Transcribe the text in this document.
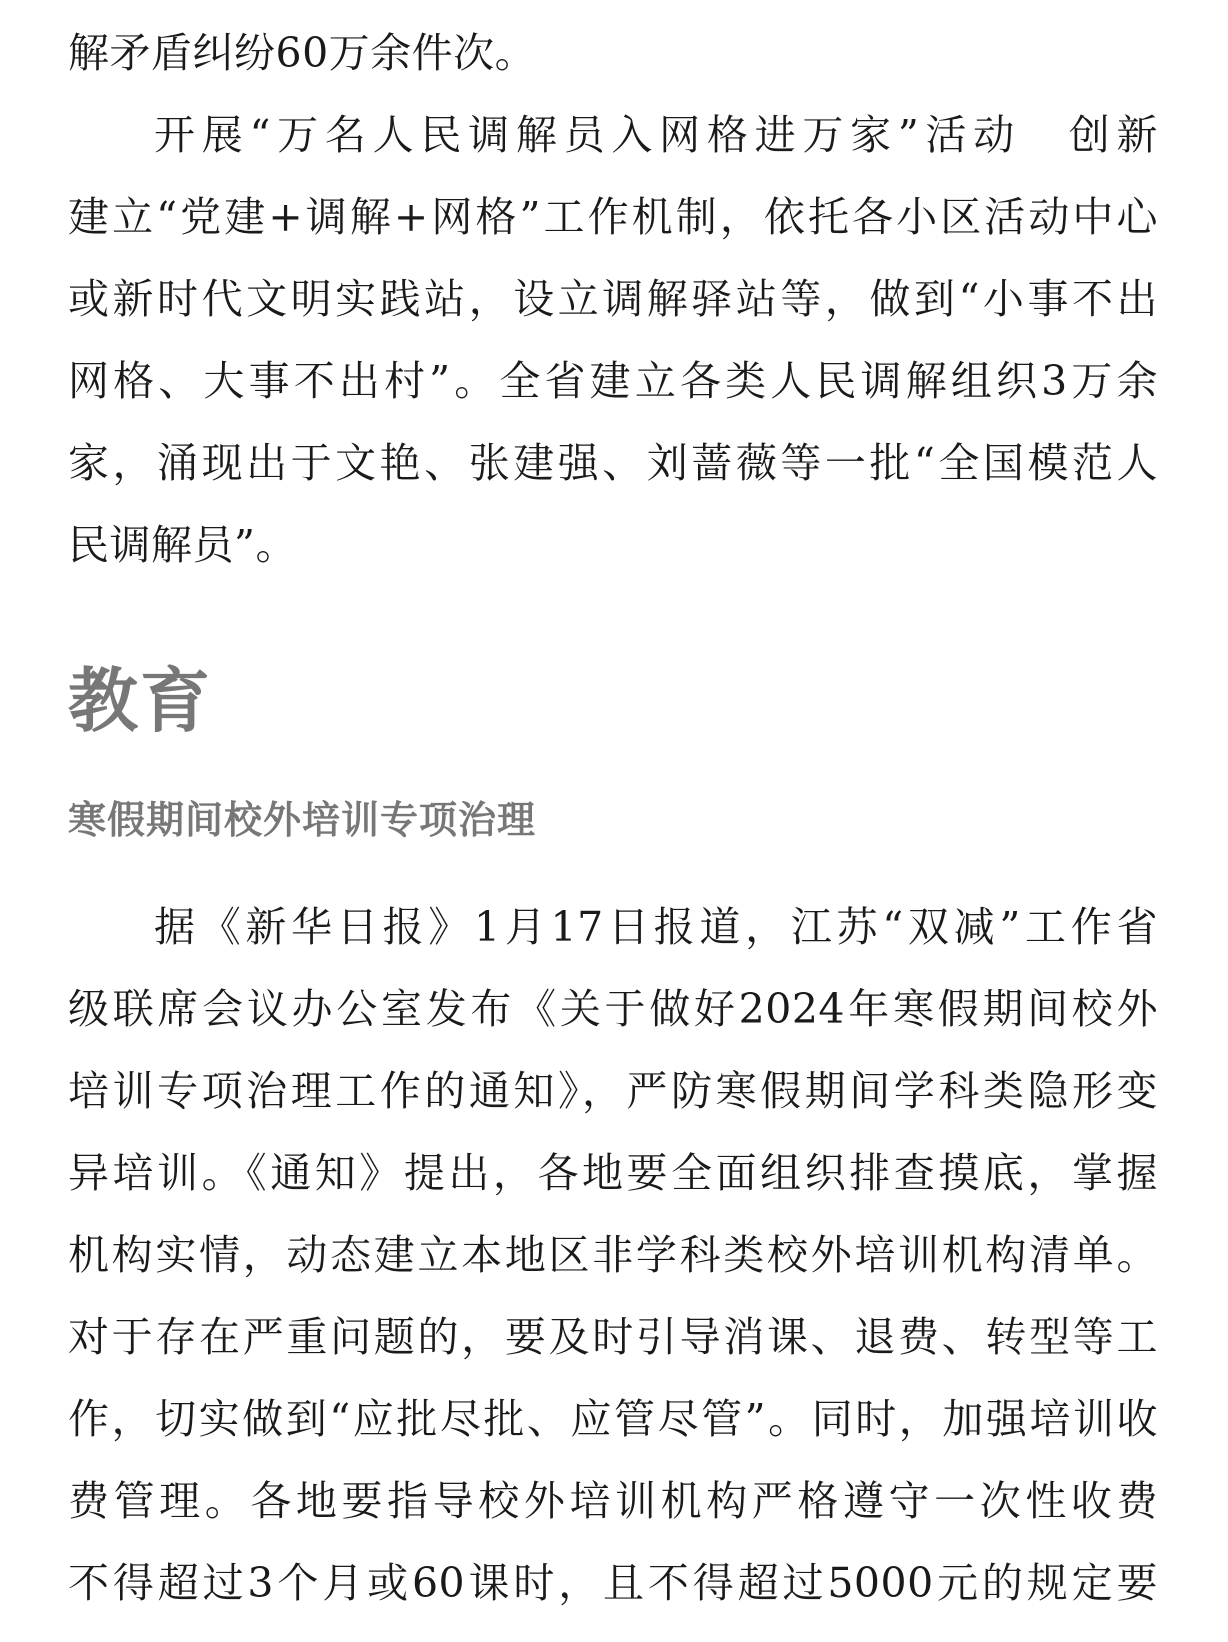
解矛盾纠纷60万余件次。
开展“万名人民调解员入网格进万家”活动　创新
建立“党建+调解+网格”工作机制，依托各小区活动中心
或新时代文明实践站，设立调解驿站等，做到“小事不出
网格、大事不出村”。全省建立各类人民调解组织3万余
家，涌现出于文艳、张建强、刘蔷薇等一批“全国模范人
民调解员”。
教育
寒假期间校外培训专项治理
据《新华日报》1月17日报道，江苏“双减”工作省
级联席会议办公室发布《关于做好2024年寒假期间校外
培训专项治理工作的通知》，严防寒假期间学科类隐形变
异培训。《通知》提出，各地要全面组织排查摸底，掌握
机构实情，动态建立本地区非学科类校外培训机构清单。
对于存在严重问题的，要及时引导消课、退费、转型等工
作，切实做到“应批尽批、应管尽管”。同时，加强培训收
费管理。各地要指导校外培训机构严格遵守一次性收费
不得超过3个月或60课时，且不得超过5000元的规定要
